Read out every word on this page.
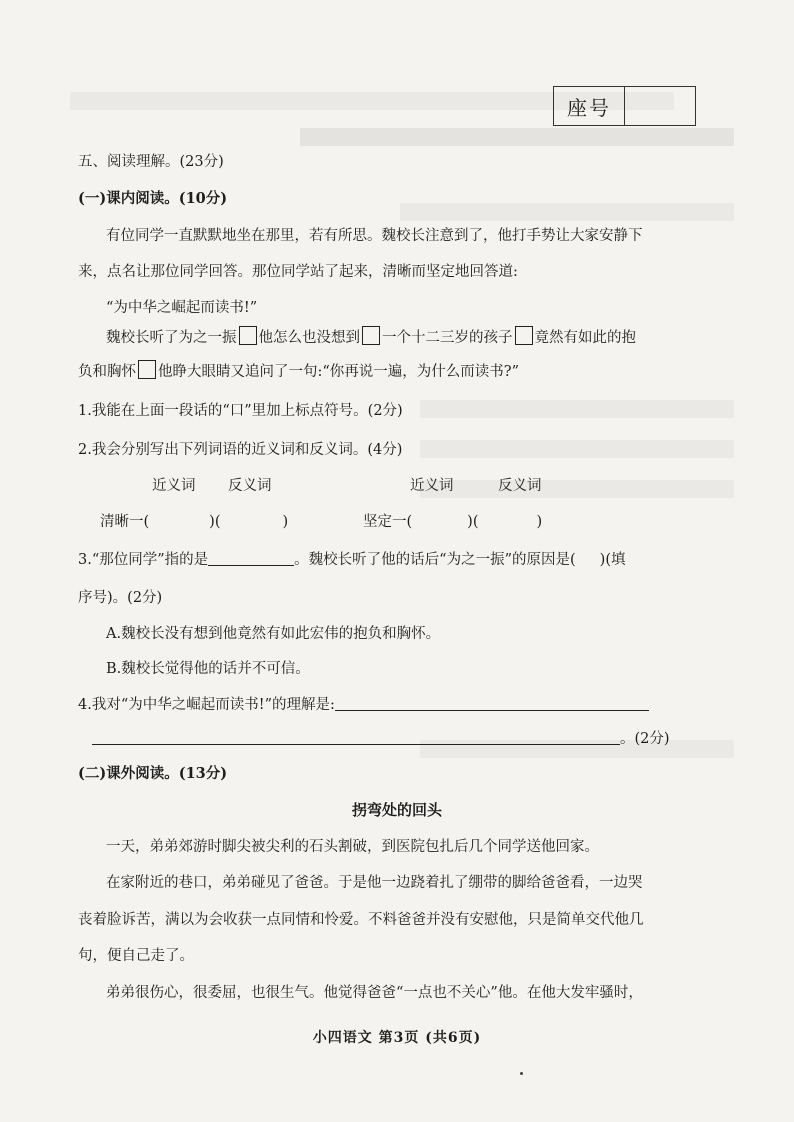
座号
五、阅读理解。(23分)
(一)课内阅读。(10分)
有位同学一直默默地坐在那里，若有所思。魏校长注意到了，他打手势让大家安静下
来，点名让那位同学回答。那位同学站了起来，清晰而坚定地回答道:
“为中华之崛起而读书!”
魏校长听了为之一振 他怎么也没想到 一个十二三岁的孩子 竟然有如此的抱
负和胸怀 他睁大眼睛又追问了一句:“你再说一遍，为什么而读书?”
1.我能在上面一段话的“口”里加上标点符号。(2分)
2.我会分别写出下列词语的近义词和反义词。(4分)
近义词 反义词	近义词	反义词
清晰一(	)(	)	坚定一(	)(	)
3.“那位同学”指的是	。魏校长听了他的话后“为之一振”的原因是( )(填
序号)。(2分)
A.魏校长没有想到他竟然有如此宏伟的抱负和胸怀。
B.魏校长觉得他的话并不可信。
4.我对“为中华之崛起而读书!”的理解是:
。(2分)
(二)课外阅读。(13分)
拐弯处的回头
一天，弟弟郊游时脚尖被尖利的石头割破，到医院包扎后几个同学送他回家。
在家附近的巷口，弟弟碰见了爸爸。于是他一边跷着扎了绷带的脚给爸爸看，一边哭
丧着脸诉苦，满以为会收获一点同情和怜爱。不料爸爸并没有安慰他，只是简单交代他几
句，便自己走了。
弟弟很伤心，很委屈，也很生气。他觉得爸爸“一点也不关心”他。在他大发牢骚时，
小四语文 第3页 (共6页)
